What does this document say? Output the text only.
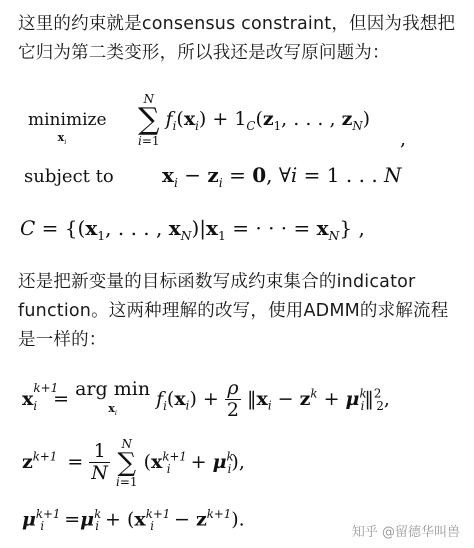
这里的约束就是consensus constraint，但因为我想把它归为第二类变形，所以我还是改写原问题为：
minimize
$^{x_i}$
N
∑
i=1
$f_i(x_i) + 1_C(z_1$, . . . , $z_N$)
,
subject to $x_i - z_i = 0$, ∀i = 1 . . . N
$C = \{(x_1$, . . . , $x_N)|x_1$ = · · · = $x_N$} ,
还是把新变量的目标函数写成约束集合的indicator function。这两种理解的改写，使用ADMM的求解流程是一样的：
x
$_{k+1 i}$ = arg min
$^{x_i}$ $f_i(x_i) + \frac{\rho}{2}$ $‖x_i - z^k$ + $\mu^k_i‖^2_2$,
$z^{k+1} = \frac{1}{N}$
N
∑
i=1
$(x^{k+1}_i + \mu^k_i)$,
$\mu^{k+1}_i =\mu^k_i + (x^{k+1}_i - z^{k+1})$.
知乎 @留德华叫兽
